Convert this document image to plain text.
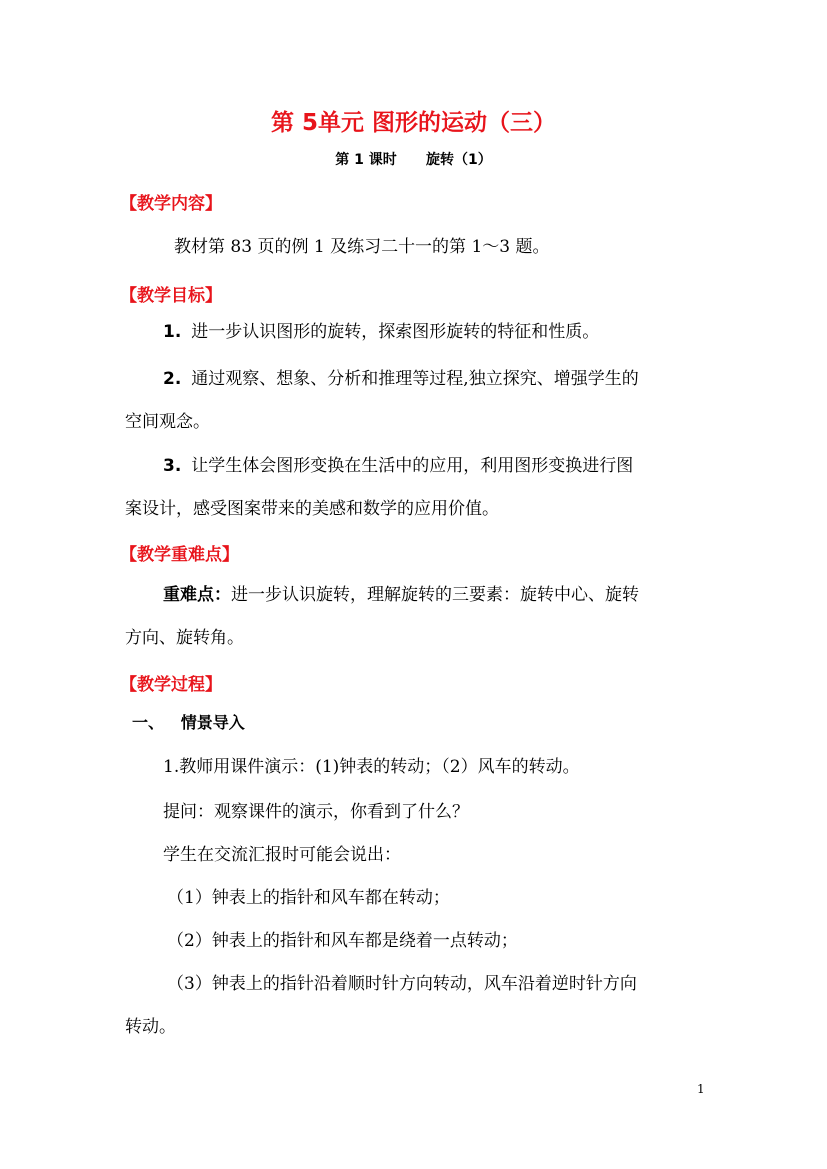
第 5单元 图形的运动（三）
第 1 课时      旋转（1）
【教学内容】
教材第 83 页的例 1 及练习二十一的第 1～3 题。
【教学目标】
1. 进一步认识图形的旋转，探索图形旋转的特征和性质。
2. 通过观察、想象、分析和推理等过程,独立探究、增强学生的
空间观念。
3. 让学生体会图形变换在生活中的应用，利用图形变换进行图
案设计，感受图案带来的美感和数学的应用价值。
【教学重难点】
重难点：进一步认识旋转，理解旋转的三要素：旋转中心、旋转
方向、旋转角。
【教学过程】
一、   情景导入
1.教师用课件演示：(1)钟表的转动；（2）风车的转动。
提问：观察课件的演示，你看到了什么？
学生在交流汇报时可能会说出：
（1）钟表上的指针和风车都在转动；
（2）钟表上的指针和风车都是绕着一点转动；
（3）钟表上的指针沿着顺时针方向转动，风车沿着逆时针方向
转动。
1
